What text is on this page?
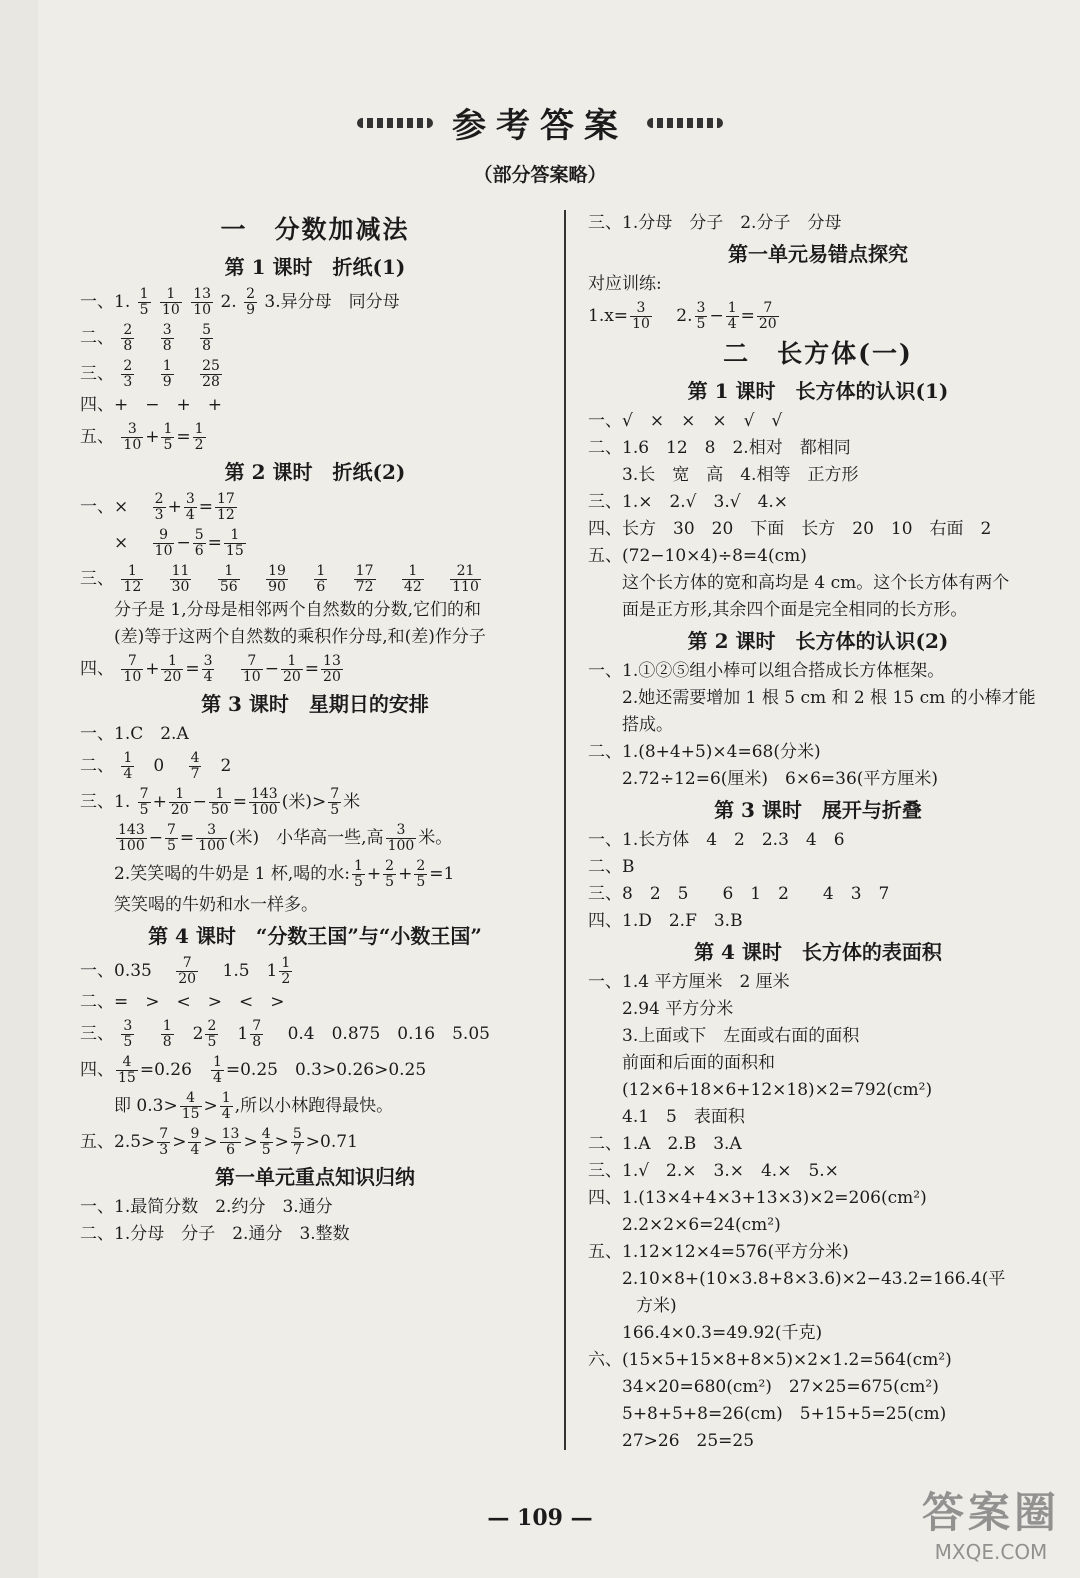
参考答案
（部分答案略）
一　分数加减法
第 1 课时　折纸(1)
一、1. $\frac{1}{5}$
$\frac{1}{10}$
$\frac{13}{10} 2$. $\frac{2}{9} 3$.异分母　同分母
二、 $\frac{2}{8}$
　 $\frac{3}{8}$
　 $\frac{5}{8}$
三、 $\frac{2}{3}$
　 $\frac{1}{9}$
　 $\frac{25}{28}$
四、+　−　+　+
五、 $\frac{3}{10} + \frac{1}{5} = \frac{1}{2}$
第 2 课时　折纸(2)
一、×　 $\frac{2}{3} + \frac{3}{4} = \frac{17}{12}$
×　 $\frac{9}{10} - \frac{5}{6} = \frac{1}{15}$
三、 $\frac{1}{12}$
　 $\frac{11}{30}$
　 $\frac{1}{56}$
　 $\frac{19}{90}$
　 $\frac{1}{6}$
　 $\frac{17}{72}$
　 $\frac{1}{42}$
　 $\frac{21}{110}$
分子是 1,分母是相邻两个自然数的分数,它们的和
(差)等于这两个自然数的乘积作分母,和(差)作分子
四、 $\frac{7}{10} + \frac{1}{20} = \frac{3}{4}$
　 $\frac{7}{10} - \frac{1}{20} = \frac{13}{20}$
第 3 课时　星期日的安排
一、1.C　2.A
二、 $\frac{1}{4}$ 　0　 $\frac{4}{7}$ 　2
三、1. $\frac{7}{5} + \frac{1}{20} - \frac{1}{50} = \frac{143}{100}$ (米)> $\frac{7}{5}$ 米
$\frac{143}{100} - \frac{7}{5} = \frac{3}{100}$ (米)　小华高一些,高 $\frac{3}{100}$ 米。
2.笑笑喝的牛奶是 1 杯,喝的水: $\frac{1}{5} + \frac{2}{5} + \frac{2}{5} =1$
笑笑喝的牛奶和水一样多。
第 4 课时　“分数王国”与“小数王国”
一、0.35　 $\frac{7}{20}$
　 1.5　$1 \frac{1}{2}$
二、=　>　<　>　<　>
三、 $\frac{3}{5}$
　 $\frac{1}{8}$ 　$2 \frac{2}{5}$ 　$1 \frac{7}{8}$
　 0.4　0.875　0.16　5.05
四、 $\frac{4}{15} =0.26$　 $\frac{1}{4} =0.25$　0.3>0.26>0.25
即 $0.3> \frac{4}{15} > \frac{1}{4}$ ,所以小林跑得最快。
五、$2.5> \frac{7}{3} > \frac{9}{4} > \frac{13}{6} > \frac{4}{5} > \frac{5}{7} >0.71$
第一单元重点知识归纳
一、1.最简分数　2.约分　3.通分
二、1.分母　分子　2.通分　3.整数
三、1.分母　分子　2.分子　分母
第一单元易错点探究
对应训练:
$1.x= \frac{3}{10}$
　 2. $\frac{3}{5} - \frac{1}{4} = \frac{7}{20}$
二　长方体(一)
第 1 课时　长方体的认识(1)
一、√　×　×　×　√　√
二、1.6　12　8　2.相对　都相同
3.长　宽　高　4.相等　正方形
三、1.×　2.√　3.√　4.×
四、长方　30　20　下面　长方　20　10　右面　2
五、(72−10×4)÷8=4(cm)
这个长方体的宽和高均是 4 cm。这个长方体有两个
面是正方形,其余四个面是完全相同的长方形。
第 2 课时　长方体的认识(2)
一、1.①②⑤组小棒可以组合搭成长方体框架。
2.她还需要增加 1 根 5 cm 和 2 根 15 cm 的小棒才能
搭成。
二、1.(8+4+5)×4=68(分米)
2.72÷12=6(厘米)　6×6=36(平方厘米)
第 3 课时　展开与折叠
一、1.长方体　4　2　2.3　4　6
二、B
三、8　2　5　　6　1　2　　4　3　7
四、1.D　2.F　3.B
第 4 课时　长方体的表面积
一、1.4 平方厘米　2 厘米
2.94 平方分米
3.上面或下　左面或右面的面积
前面和后面的面积和
(12×6+18×6+12×18)×2=792(cm²)
4.1　5　表面积
二、1.A　2.B　3.A
三、1.√　2.×　3.×　4.×　5.×
四、1.(13×4+4×3+13×3)×2=206(cm²)
2.2×2×6=24(cm²)
五、1.12×12×4=576(平方分米)
2.10×8+(10×3.8+8×3.6)×2−43.2=166.4(平
方米)
166.4×0.3=49.92(千克)
六、(15×5+15×8+8×5)×2×1.2=564(cm²)
34×20=680(cm²)　27×25=675(cm²)
5+8+5+8=26(cm)　5+15+5=25(cm)
27>26　25=25
— 109 —	答案圈
MXQE.COM
